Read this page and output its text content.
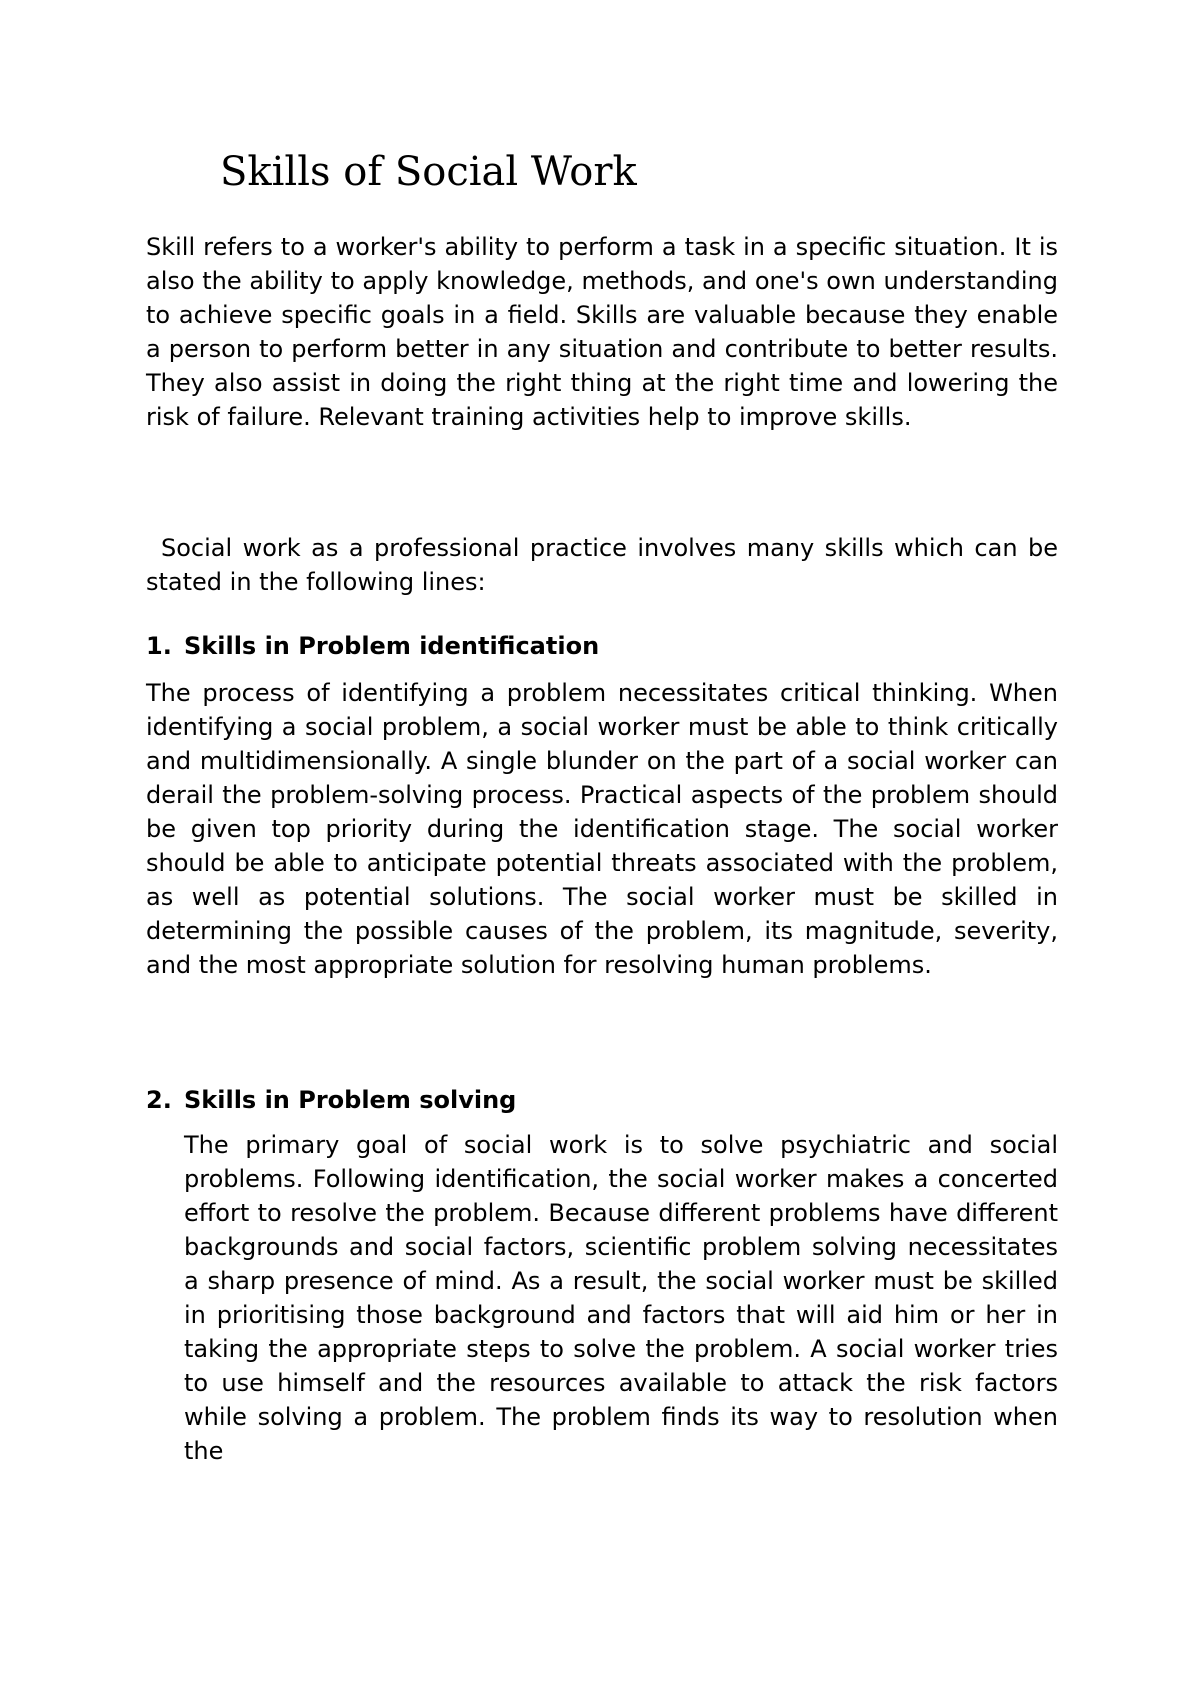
Skills of Social Work

Skill refers to a worker's ability to perform a task in a specific situation. It is also the ability to apply knowledge, methods, and one's own understanding to achieve specific goals in a field. Skills are valuable because they enable a person to perform better in any situation and contribute to better results. They also assist in doing the right thing at the right time and lowering the risk of failure. Relevant training activities help to improve skills.

Social work as a professional practice involves many skills which can be stated in the following lines:

1. Skills in Problem identification

The process of identifying a problem necessitates critical thinking. When identifying a social problem, a social worker must be able to think critically and multidimensionally. A single blunder on the part of a social worker can derail the problem-solving process. Practical aspects of the problem should be given top priority during the identification stage. The social worker should be able to anticipate potential threats associated with the problem, as well as potential solutions. The social worker must be skilled in determining the possible causes of the problem, its magnitude, severity, and the most appropriate solution for resolving human problems.

2. Skills in Problem solving

The primary goal of social work is to solve psychiatric and social problems. Following identification, the social worker makes a concerted effort to resolve the problem. Because different problems have different backgrounds and social factors, scientific problem solving necessitates a sharp presence of mind. As a result, the social worker must be skilled in prioritising those background and factors that will aid him or her in taking the appropriate steps to solve the problem. A social worker tries to use himself and the resources available to attack the risk factors while solving a problem. The problem finds its way to resolution when the
